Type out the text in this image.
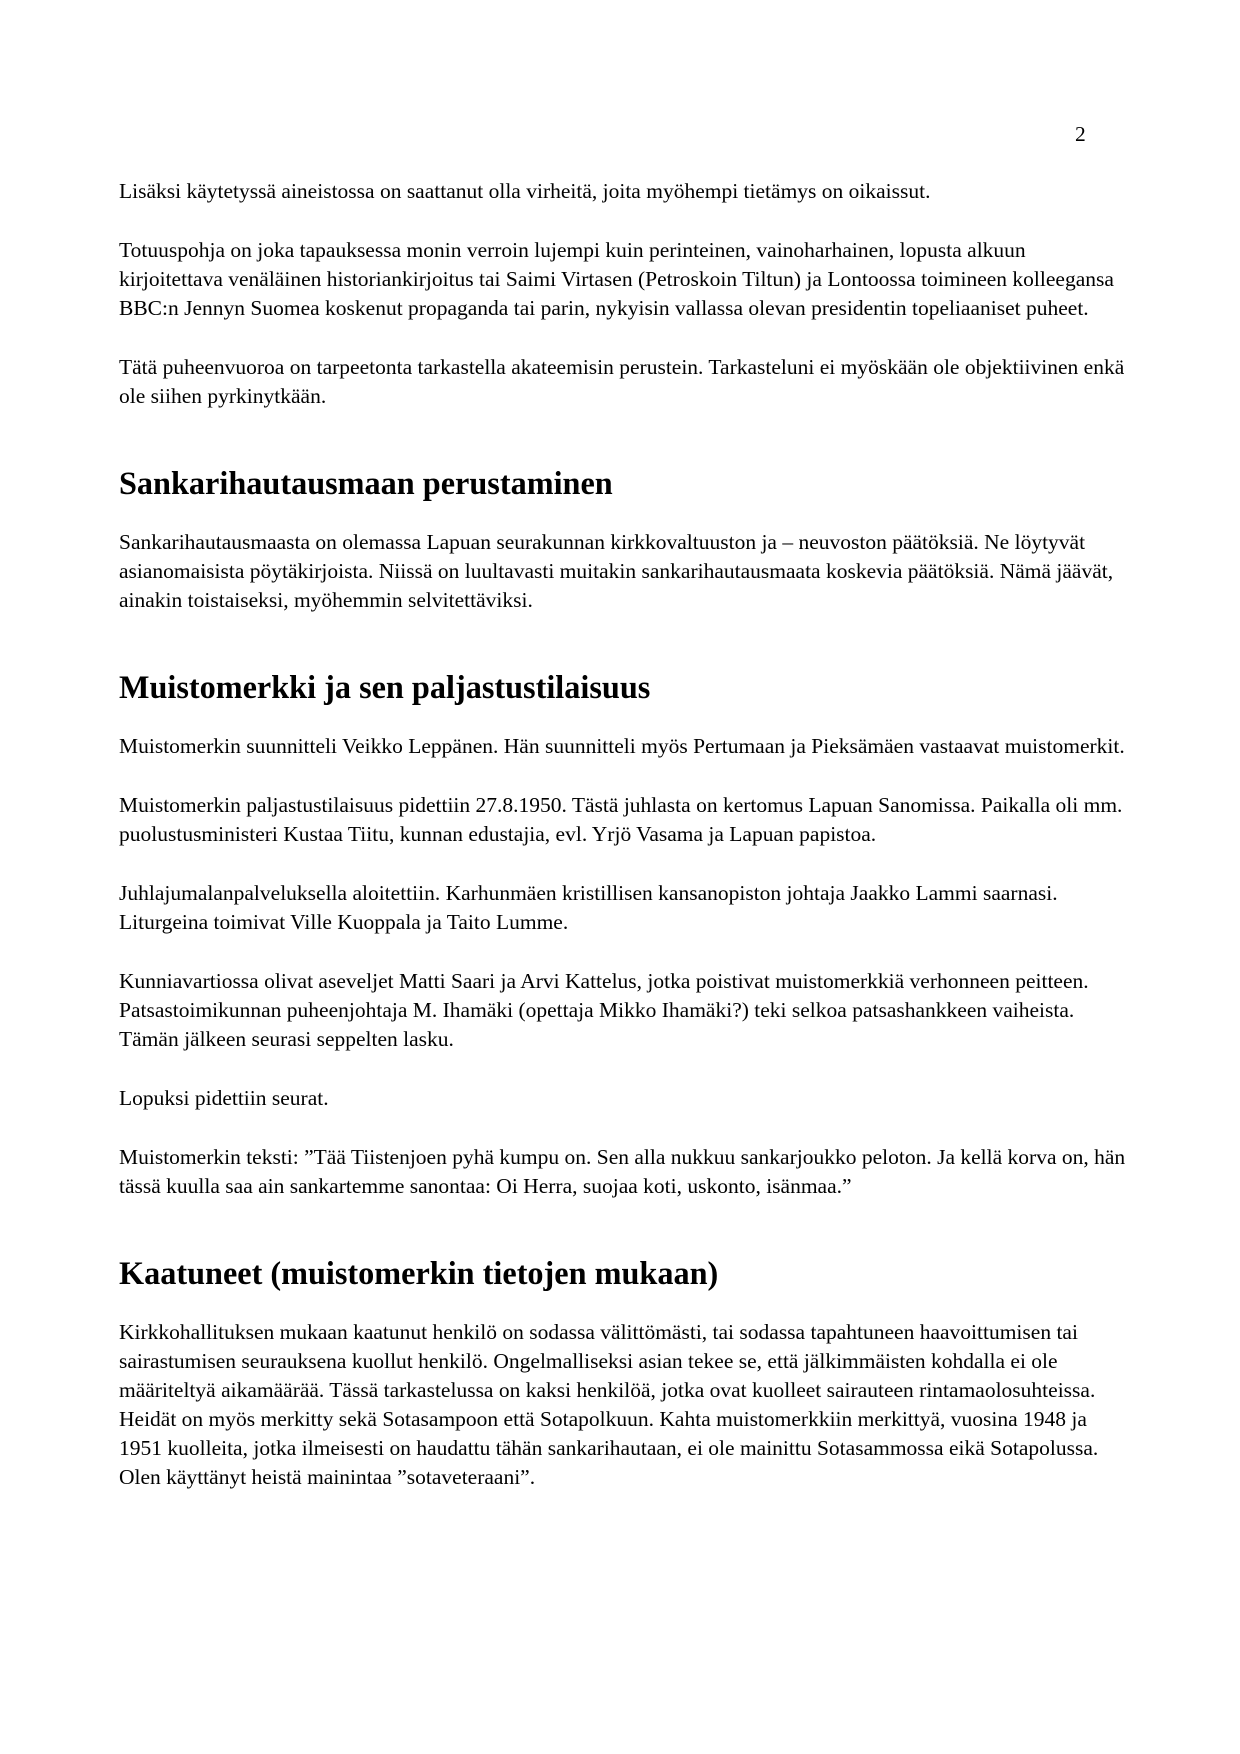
2

Lisäksi käytetyssä aineistossa on saattanut olla virheitä, joita myöhempi tietämys on oikaissut.

Totuuspohja on joka tapauksessa monin verroin lujempi kuin perinteinen, vainoharhainen, lopusta alkuun kirjoitettava venäläinen historiankirjoitus tai Saimi Virtasen (Petroskoin Tiltun) ja Lontoossa toimineen kolleegansa BBC:n Jennyn Suomea koskenut propaganda tai parin, nykyisin vallassa olevan presidentin topeliaaniset puheet.

Tätä puheenvuoroa on tarpeetonta tarkastella akateemisin perustein. Tarkasteluni ei myöskään ole objektiivinen enkä ole siihen pyrkinytkään.

Sankarihautausmaan perustaminen

Sankarihautausmaasta on olemassa Lapuan seurakunnan kirkkovaltuuston ja – neuvoston päätöksiä. Ne löytyvät asianomaisista pöytäkirjoista. Niissä on luultavasti muitakin sankarihautausmaata koskevia päätöksiä. Nämä jäävät, ainakin toistaiseksi, myöhemmin selvitettäviksi.

Muistomerkki ja sen paljastustilaisuus

Muistomerkin suunnitteli Veikko Leppänen. Hän suunnitteli myös Pertumaan ja Pieksämäen vastaavat muistomerkit.

Muistomerkin paljastustilaisuus pidettiin 27.8.1950. Tästä juhlasta on kertomus Lapuan Sanomissa. Paikalla oli mm. puolustusministeri Kustaa Tiitu, kunnan edustajia, evl. Yrjö Vasama ja Lapuan papistoa.

Juhlajumalanpalveluksella aloitettiin. Karhunmäen kristillisen kansanopiston johtaja Jaakko Lammi saarnasi. Liturgeina toimivat Ville Kuoppala ja Taito Lumme.

Kunniavartiossa olivat aseveljet Matti Saari ja Arvi Kattelus, jotka poistivat muistomerkkiä verhonneen peitteen. Patsastoimikunnan puheenjohtaja M. Ihamäki (opettaja Mikko Ihamäki?) teki selkoa patsashankkeen vaiheista. Tämän jälkeen seurasi seppelten lasku.

Lopuksi pidettiin seurat.

Muistomerkin teksti: ”Tää Tiistenjoen pyhä kumpu on. Sen alla nukkuu sankarjoukko peloton. Ja kellä korva on, hän tässä kuulla saa ain sankartemme sanontaa: Oi Herra, suojaa koti, uskonto, isänmaa.”

Kaatuneet (muistomerkin tietojen mukaan)

Kirkkohallituksen mukaan kaatunut henkilö on sodassa välittömästi, tai sodassa tapahtuneen haavoittumisen tai sairastumisen seurauksena kuollut henkilö. Ongelmalliseksi asian tekee se, että jälkimmäisten kohdalla ei ole määriteltyä aikamäärää. Tässä tarkastelussa on kaksi henkilöä, jotka ovat kuolleet sairauteen rintamaolosuhteissa. Heidät on myös merkitty sekä Sotasampoon että Sotapolkuun. Kahta muistomerkkiin merkittyä, vuosina 1948 ja 1951 kuolleita, jotka ilmeisesti on haudattu tähän sankarihautaan, ei ole mainittu Sotasammossa eikä Sotapolussa. Olen käyttänyt heistä mainintaa ”sotaveteraani”.
